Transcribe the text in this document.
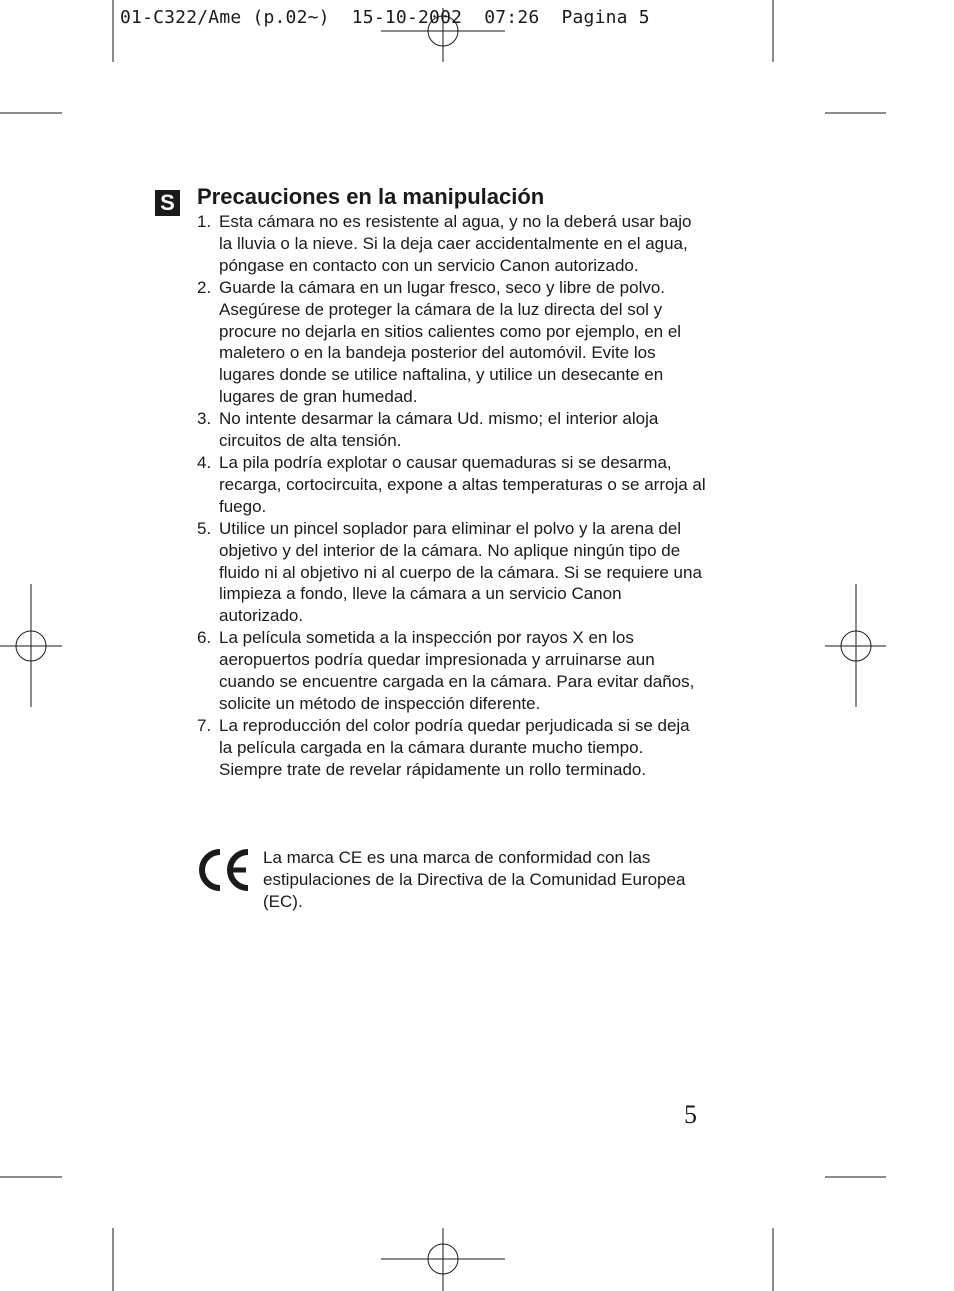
01-C322/Ame (p.02~)  15-10-2002  07:26  Pagina 5
S Precauciones en la manipulación
1. Esta cámara no es resistente al agua, y no la deberá usar bajo la lluvia o la nieve. Si la deja caer accidentalmente en el agua, póngase en contacto con un servicio Canon autorizado.
2. Guarde la cámara en un lugar fresco, seco y libre de polvo. Asegúrese de proteger la cámara de la luz directa del sol y procure no dejarla en sitios calientes como por ejemplo, en el maletero o en la bandeja posterior del automóvil. Evite los lugares donde se utilice naftalina, y utilice un desecante en lugares de gran humedad.
3. No intente desarmar la cámara Ud. mismo; el interior aloja circuitos de alta tensión.
4. La pila podría explotar o causar quemaduras si se desarma, recarga, cortocircuita, expone a altas temperaturas o se arroja al fuego.
5. Utilice un pincel soplador para eliminar el polvo y la arena del objetivo y del interior de la cámara. No aplique ningún tipo de fluido ni al objetivo ni al cuerpo de la cámara. Si se requiere una limpieza a fondo, lleve la cámara a un servicio Canon autorizado.
6. La película sometida a la inspección por rayos X en los aeropuertos podría quedar impresionada y arruinarse aun cuando se encuentre cargada en la cámara. Para evitar daños, solicite un método de inspección diferente.
7. La reproducción del color podría quedar perjudicada si se deja la película cargada en la cámara durante mucho tiempo. Siempre trate de revelar rápidamente un rollo terminado.

La marca CE es una marca de conformidad con las estipulaciones de la Directiva de la Comunidad Europea (EC).

5
